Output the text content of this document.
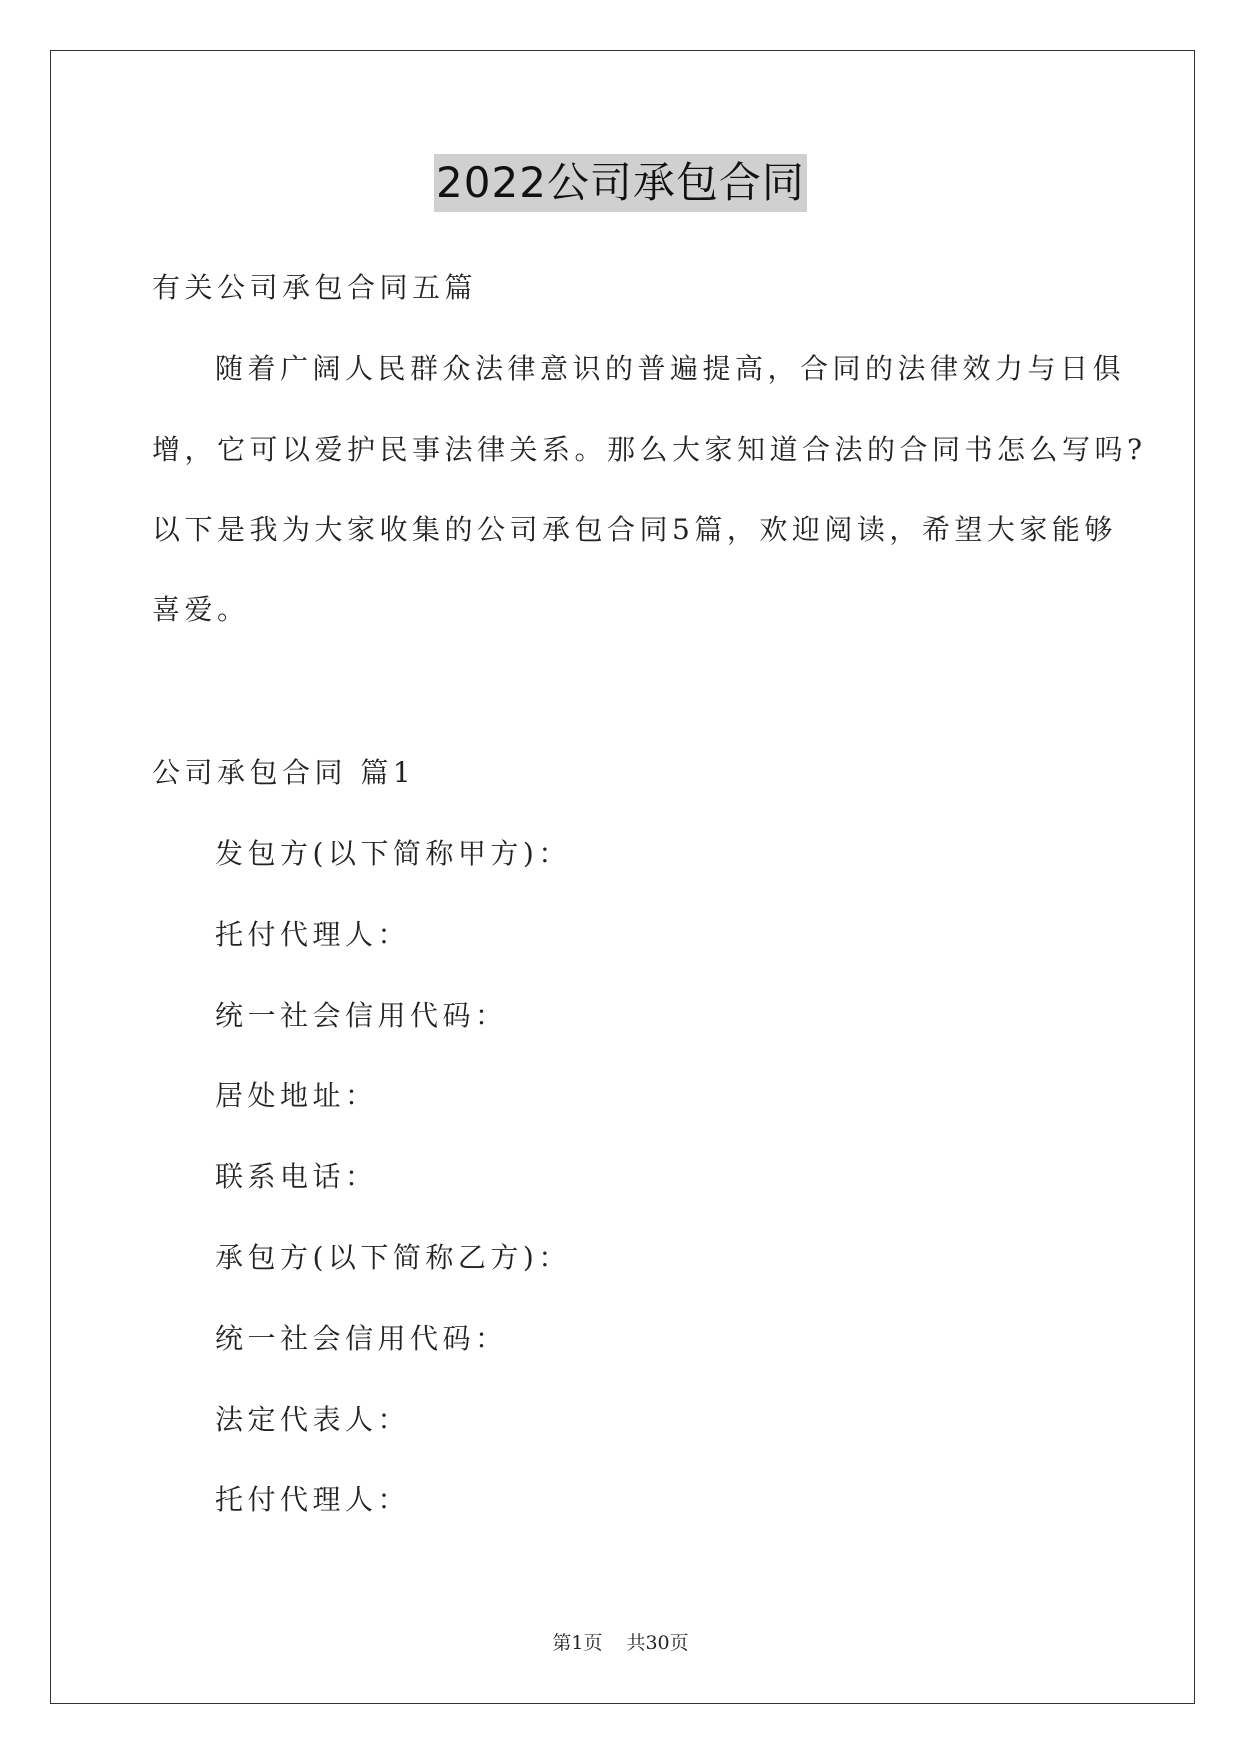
2022公司承包合同
有关公司承包合同五篇
随着广阔人民群众法律意识的普遍提高，合同的法律效力与日俱
增，它可以爱护民事法律关系。那么大家知道合法的合同书怎么写吗?
以下是我为大家收集的公司承包合同5篇，欢迎阅读，希望大家能够
喜爱。
公司承包合同 篇1
发包方(以下简称甲方)：
托付代理人：
统一社会信用代码：
居处地址：
联系电话：
承包方(以下简称乙方)：
统一社会信用代码：
法定代表人：
托付代理人：
第1页 共30页
